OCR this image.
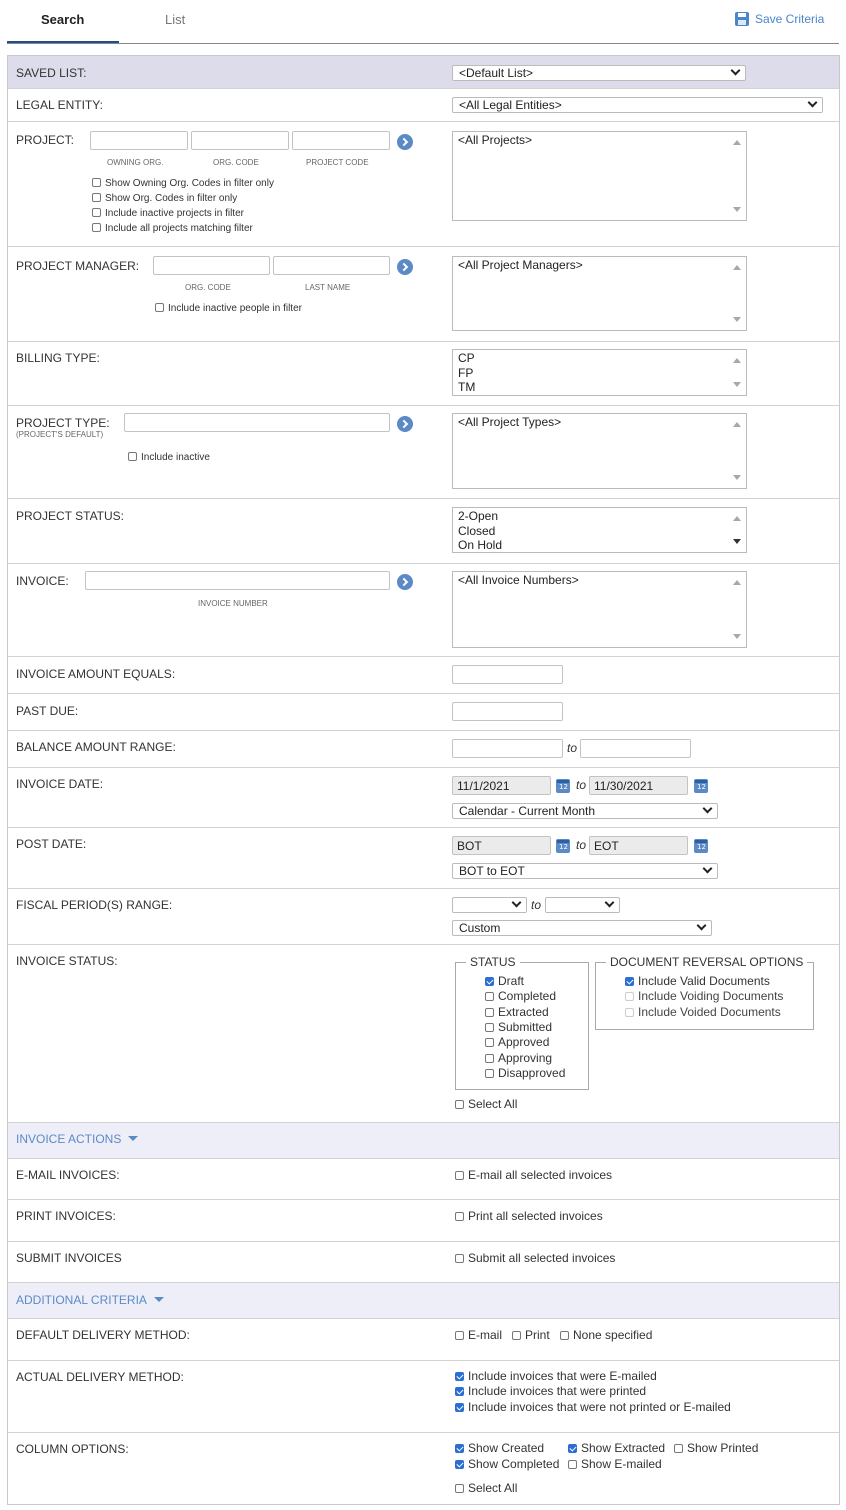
Search	List	Save Criteria
SAVED LIST:	<Default List>
LEGAL ENTITY:	<All Legal Entities>
PROJECT:
OWNING ORG.	ORG. CODE	PROJECT CODE
Show Owning Org. Codes in filter only
Show Org. Codes in filter only
Include inactive projects in filter
Include all projects matching filter
<All Projects>
PROJECT MANAGER:
ORG. CODE	LAST NAME
Include inactive people in filter
<All Project Managers>
BILLING TYPE:	CP
FP
TM
PROJECT TYPE:
(PROJECT'S DEFAULT)
Include inactive
<All Project Types>
PROJECT STATUS:	2-Open
Closed
On Hold
INVOICE:
INVOICE NUMBER
<All Invoice Numbers>
INVOICE AMOUNT EQUALS:
PAST DUE:
BALANCE AMOUNT RANGE:	to
INVOICE DATE:	11/1/2021 12	to 11/30/2021
12
Calendar - Current Month
POST DATE:	BOT 12	to EOT
12
BOT to EOT
FISCAL PERIOD(S) RANGE:	to
Custom
INVOICE STATUS:	STATUS
Draft
Completed
Extracted
Submitted
Approved
Approving
Disapproved
DOCUMENT REVERSAL OPTIONS
Include Valid Documents
Include Voiding Documents
Include Voided Documents
Select All
INVOICE ACTIONS
E-MAIL INVOICES:	E-mail all selected invoices
PRINT INVOICES:	Print all selected invoices
SUBMIT INVOICES	Submit all selected invoices
ADDITIONAL CRITERIA
DEFAULT DELIVERY METHOD:	E-mail	Print	None specified
ACTUAL DELIVERY METHOD:	Include invoices that were E-mailed
Include invoices that were printed
Include invoices that were not printed or E-mailed
COLUMN OPTIONS:	Show Created	Show Extracted	Show Printed
Show Completed	Show E-mailed
Select All
